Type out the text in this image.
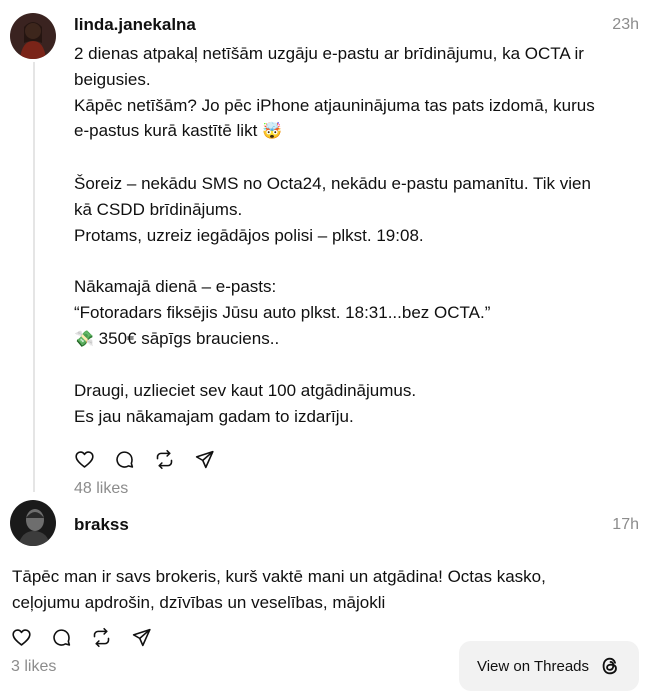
linda.janekalna	23h

2 dienas atpakaļ netīšām uzgāju e-pastu ar brīdinājumu, ka OCTA ir

beigusies.

Kāpēc netīšām? Jo pēc iPhone atjauninājuma tas pats izdomā, kurus

e-pastus kurā kastītē likt 🤯

Šoreiz – nekādu SMS no Octa24, nekādu e-pastu pamanītu. Tik vien

kā CSDD brīdinājums.

Protams, uzreiz iegādājos polisi – plkst. 19:08.

Nākamajā dienā – e-pasts:

“Fotoradars fiksējis Jūsu auto plkst. 18:31...bez OCTA.”

💸 350€ sāpīgs brauciens..

Draugi, uzlieciet sev kaut 100 atgādinājumus.

Es jau nākamajam gadam to izdarīju.

48 likes
brakss	17h

Tāpēc man ir savs brokeris, kurš vaktē mani un atgādina! Octas kasko,

ceļojumu apdrošin, dzīvības un veselības, mājokli

3 likes	View on Threads
